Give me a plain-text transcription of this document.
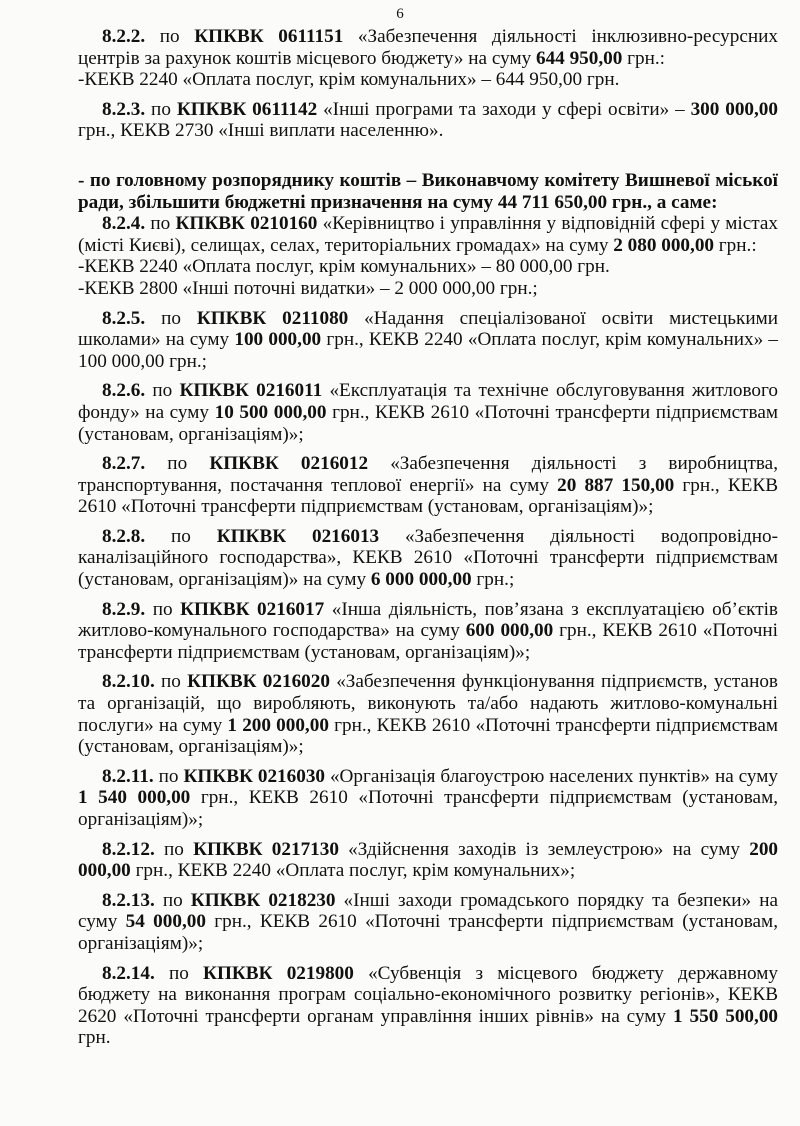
6

8.2.2. по КПКВК 0611151 «Забезпечення діяльності інклюзивно-ресурсних центрів за рахунок коштів місцевого бюджету» на суму 644 950,00 грн.:

-КЕКВ 2240 «Оплата послуг, крім комунальних» – 644 950,00 грн.

8.2.3. по КПКВК 0611142 «Інші програми та заходи у сфері освіти» – 300 000,00 грн., КЕКВ 2730 «Інші виплати населенню».

- по головному розпоряднику коштів – Виконавчому комітету Вишневої міської ради, збільшити бюджетні призначення на суму 44 711 650,00 грн., а саме:

8.2.4. по КПКВК 0210160 «Керівництво і управління у відповідній сфері у містах (місті Києві), селищах, селах, територіальних громадах» на суму 2 080 000,00 грн.:

-КЕКВ 2240 «Оплата послуг, крім комунальних» – 80 000,00 грн.

-КЕКВ 2800 «Інші поточні видатки» – 2 000 000,00 грн.;

8.2.5. по КПКВК 0211080 «Надання спеціалізованої освіти мистецькими школами» на суму 100 000,00 грн., КЕКВ 2240 «Оплата послуг, крім комунальних» – 100 000,00 грн.;

8.2.6. по КПКВК 0216011 «Експлуатація та технічне обслуговування житлового фонду» на суму 10 500 000,00 грн., КЕКВ 2610 «Поточні трансферти підприємствам (установам, організаціям)»;

8.2.7. по КПКВК 0216012 «Забезпечення діяльності з виробництва, транспортування, постачання теплової енергії» на суму 20 887 150,00 грн., КЕКВ 2610 «Поточні трансферти підприємствам (установам, організаціям)»;

8.2.8. по КПКВК 0216013 «Забезпечення діяльності водопровідно-каналізаційного господарства», КЕКВ 2610 «Поточні трансферти підприємствам (установам, організаціям)» на суму 6 000 000,00 грн.;

8.2.9. по КПКВК 0216017 «Інша діяльність, пов’язана з експлуатацією об’єктів житлово-комунального господарства» на суму 600 000,00 грн., КЕКВ 2610 «Поточні трансферти підприємствам (установам, організаціям)»;

8.2.10. по КПКВК 0216020 «Забезпечення функціонування підприємств, установ та організацій, що виробляють, виконують та/або надають житлово-комунальні послуги» на суму 1 200 000,00 грн., КЕКВ 2610 «Поточні трансферти підприємствам (установам, організаціям)»;

8.2.11. по КПКВК 0216030 «Організація благоустрою населених пунктів» на суму 1 540 000,00 грн., КЕКВ 2610 «Поточні трансферти підприємствам (установам, організаціям)»;

8.2.12. по КПКВК 0217130 «Здійснення заходів із землеустрою» на суму 200 000,00 грн., КЕКВ 2240 «Оплата послуг, крім комунальних»;

8.2.13. по КПКВК 0218230 «Інші заходи громадського порядку та безпеки» на суму 54 000,00 грн., КЕКВ 2610 «Поточні трансферти підприємствам (установам, організаціям)»;

8.2.14. по КПКВК 0219800 «Субвенція з місцевого бюджету державному бюджету на виконання програм соціально-економічного розвитку регіонів», КЕКВ 2620 «Поточні трансферти органам управління інших рівнів» на суму 1 550 500,00 грн.
